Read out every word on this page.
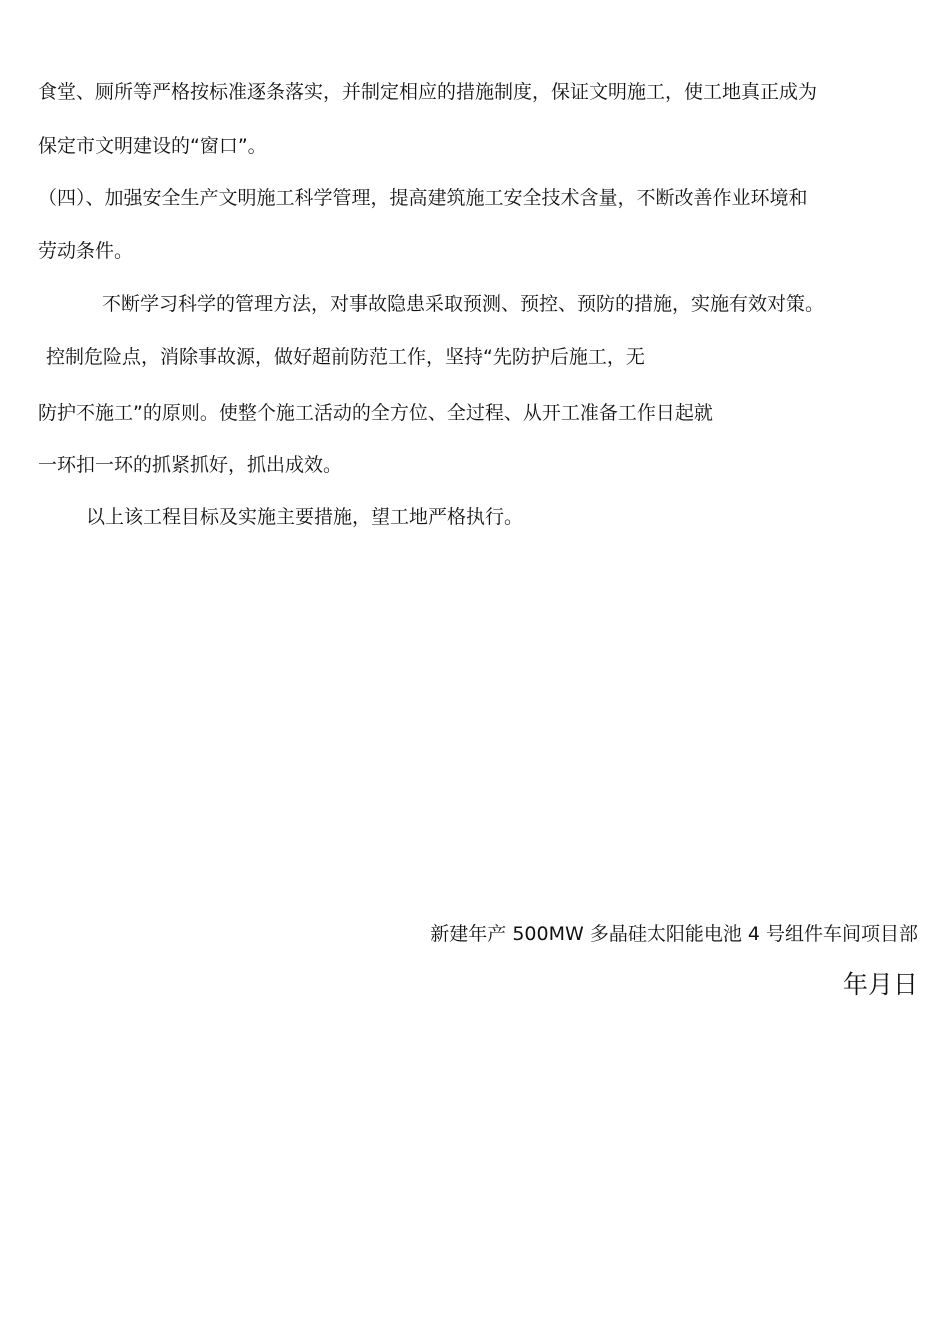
食堂、厕所等严格按标准逐条落实，并制定相应的措施制度，保证文明施工，使工地真正成为
保定市文明建设的“窗口”。
（四）、加强安全生产文明施工科学管理，提高建筑施工安全技术含量，不断改善作业环境和
劳动条件。
不断学习科学的管理方法，对事故隐患采取预测、预控、预防的措施，实施有效对策。
控制危险点，消除事故源，做好超前防范工作，坚持“先防护后施工，无
防护不施工”的原则。使整个施工活动的全方位、全过程、从开工准备工作日起就
一环扣一环的抓紧抓好，抓出成效。
以上该工程目标及实施主要措施，望工地严格执行。
新建年产 500MW 多晶硅太阳能电池 4 号组件车间项目部
年月日
